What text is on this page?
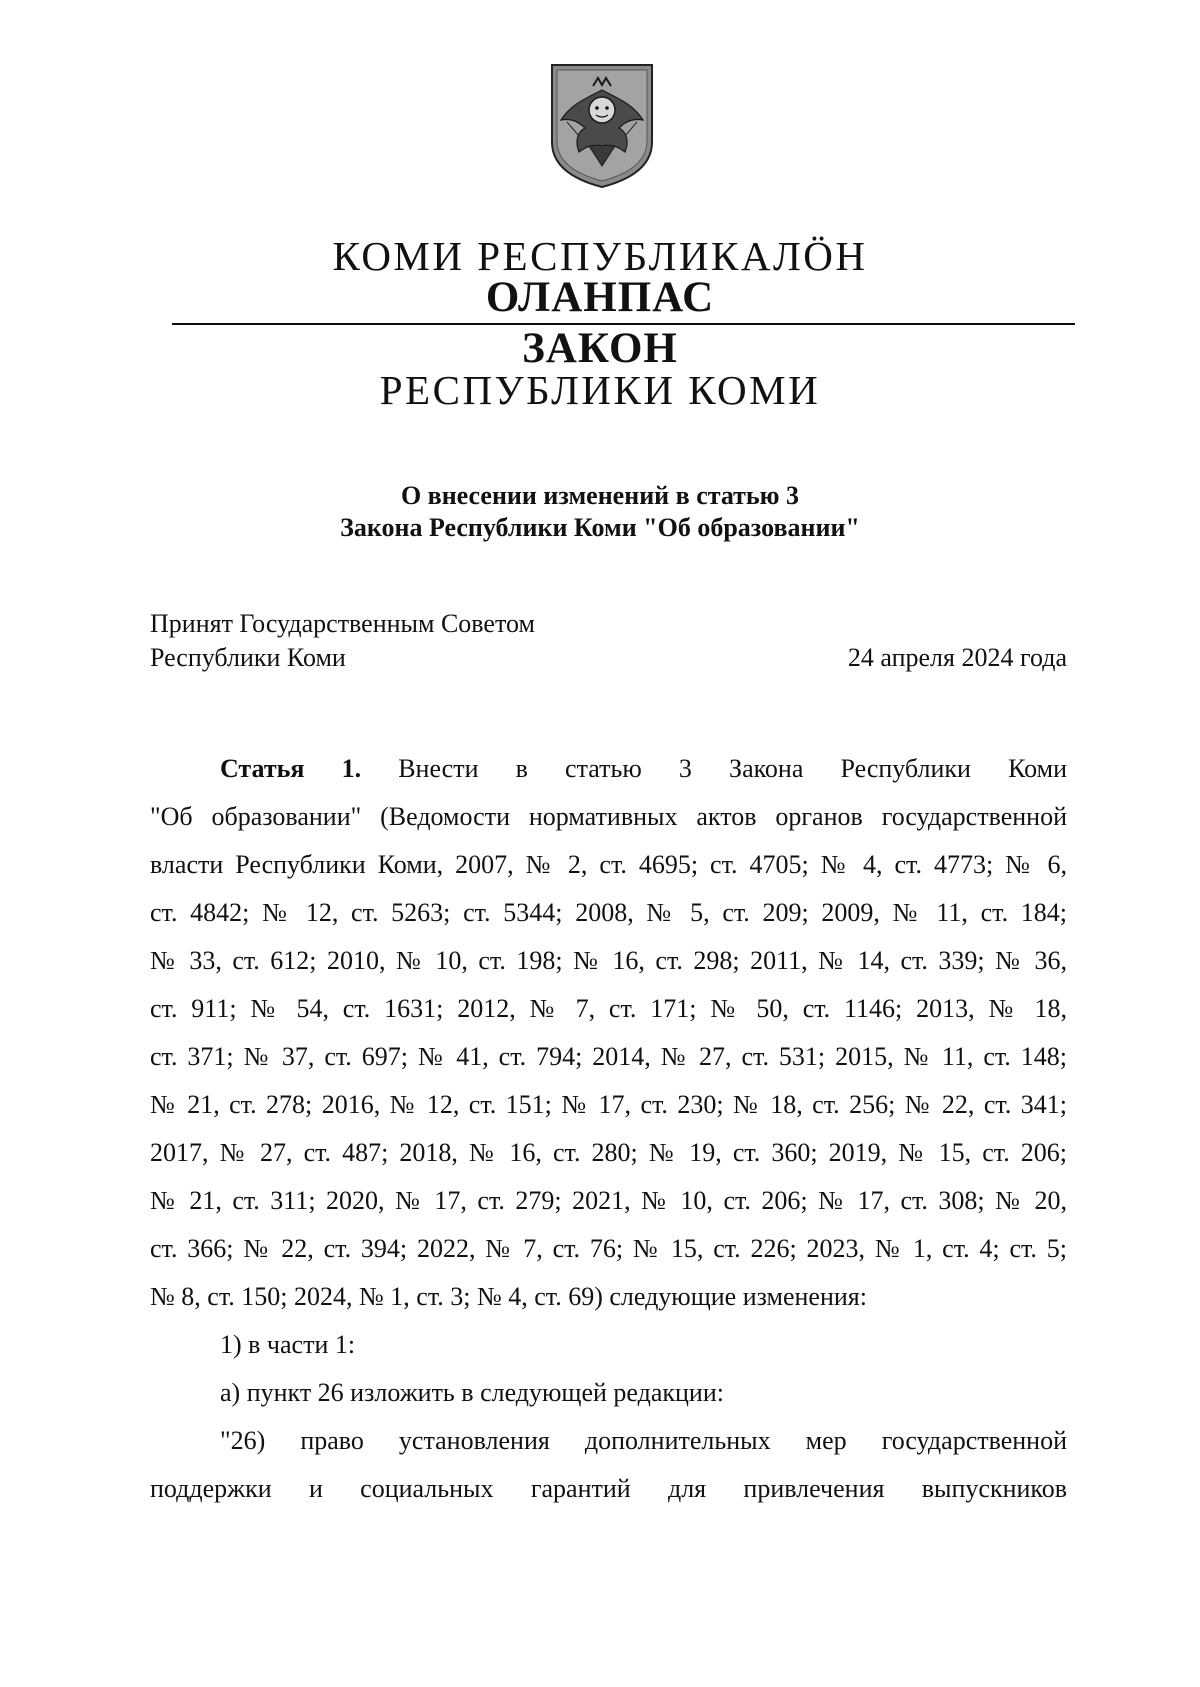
КОМИ РЕСПУБЛИКАЛÖН
ОЛАНПАС
ЗАКОН
РЕСПУБЛИКИ КОМИ
О внесении изменений в статью 3
Закона Республики Коми "Об образовании"
Принят Государственным Советом
Республики Коми	24 апреля 2024 года
Статья 1. Внести в статью 3 Закона Республики Коми
"Об образовании" (Ведомости нормативных актов органов государственной
власти Республики Коми, 2007, № 2, ст. 4695; ст. 4705; № 4, ст. 4773; № 6,
ст. 4842; № 12, ст. 5263; ст. 5344; 2008, № 5, ст. 209; 2009, № 11, ст. 184;
№ 33, ст. 612; 2010, № 10, ст. 198; № 16, ст. 298; 2011, № 14, ст. 339; № 36,
ст. 911; № 54, ст. 1631; 2012, № 7, ст. 171; № 50, ст. 1146; 2013, № 18,
ст. 371; № 37, ст. 697; № 41, ст. 794; 2014, № 27, ст. 531; 2015, № 11, ст. 148;
№ 21, ст. 278; 2016, № 12, ст. 151; № 17, ст. 230; № 18, ст. 256; № 22, ст. 341;
2017, № 27, ст. 487; 2018, № 16, ст. 280; № 19, ст. 360; 2019, № 15, ст. 206;
№ 21, ст. 311; 2020, № 17, ст. 279; 2021, № 10, ст. 206; № 17, ст. 308; № 20,
ст. 366; № 22, ст. 394; 2022, № 7, ст. 76; № 15, ст. 226; 2023, № 1, ст. 4; ст. 5;
№ 8, ст. 150; 2024, № 1, ст. 3; № 4, ст. 69) следующие изменения:
1) в части 1:
а) пункт 26 изложить в следующей редакции:
"26) право установления дополнительных мер государственной
поддержки и социальных гарантий для привлечения выпускников
